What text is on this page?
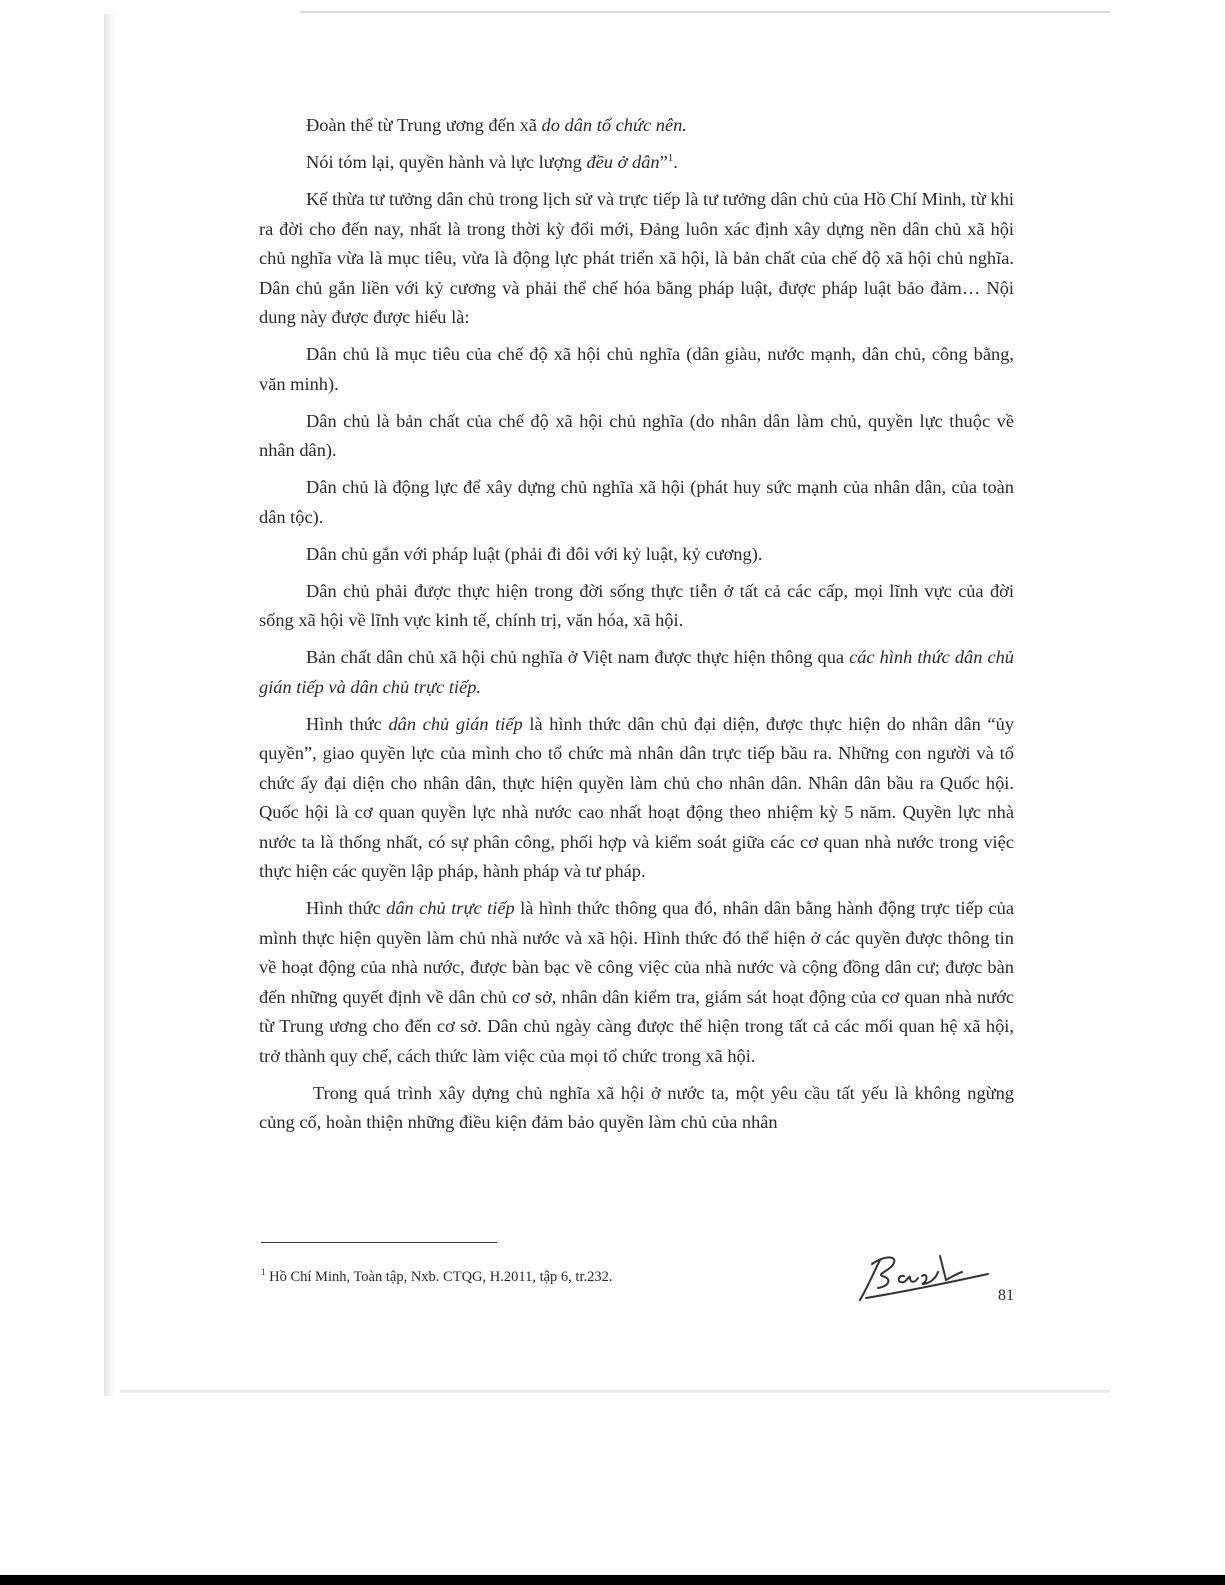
Đoàn thể từ Trung ương đến xã do dân tổ chức nên.

Nói tóm lại, quyền hành và lực lượng đều ở dân”$^1$.

Kế thừa tư tưởng dân chủ trong lịch sử và trực tiếp là tư tưởng dân chủ của Hồ Chí Minh, từ khi ra đời cho đến nay, nhất là trong thời kỳ đổi mới, Đảng luôn xác định xây dựng nền dân chủ xã hội chủ nghĩa vừa là mục tiêu, vừa là động lực phát triển xã hội, là bản chất của chế độ xã hội chủ nghĩa. Dân chủ gắn liền với kỷ cương và phải thể chế hóa bằng pháp luật, được pháp luật bảo đảm… Nội dung này được được hiểu là:

Dân chủ là mục tiêu của chế độ xã hội chủ nghĩa (dân giàu, nước mạnh, dân chủ, công bằng, văn minh).

Dân chủ là bản chất của chế độ xã hội chủ nghĩa (do nhân dân làm chủ, quyền lực thuộc về nhân dân).

Dân chủ là động lực để xây dựng chủ nghĩa xã hội (phát huy sức mạnh của nhân dân, của toàn dân tộc).

Dân chủ gắn với pháp luật (phải đi đôi với kỷ luật, kỷ cương).

Dân chủ phải được thực hiện trong đời sống thực tiễn ở tất cả các cấp, mọi lĩnh vực của đời sống xã hội về lĩnh vực kinh tế, chính trị, văn hóa, xã hội.

Bản chất dân chủ xã hội chủ nghĩa ở Việt nam được thực hiện thông qua các hình thức dân chủ gián tiếp và dân chủ trực tiếp.

Hình thức dân chủ gián tiếp là hình thức dân chủ đại diện, được thực hiện do nhân dân “ủy quyền”, giao quyền lực của mình cho tổ chức mà nhân dân trực tiếp bầu ra. Những con người và tổ chức ấy đại diện cho nhân dân, thực hiện quyền làm chủ cho nhân dân. Nhân dân bầu ra Quốc hội. Quốc hội là cơ quan quyền lực nhà nước cao nhất hoạt động theo nhiệm kỳ 5 năm. Quyền lực nhà nước ta là thống nhất, có sự phân công, phối hợp và kiểm soát giữa các cơ quan nhà nước trong việc thực hiện các quyền lập pháp, hành pháp và tư pháp.

Hình thức dân chủ trực tiếp là hình thức thông qua đó, nhân dân bằng hành động trực tiếp của mình thực hiện quyền làm chủ nhà nước và xã hội. Hình thức đó thể hiện ở các quyền được thông tin về hoạt động của nhà nước, được bàn bạc về công việc của nhà nước và cộng đồng dân cư; được bàn đến những quyết định về dân chủ cơ sở, nhân dân kiểm tra, giám sát hoạt động của cơ quan nhà nước từ Trung ương cho đến cơ sở. Dân chủ ngày càng được thể hiện trong tất cả các mối quan hệ xã hội, trở thành quy chế, cách thức làm việc của mọi tổ chức trong xã hội.

Trong quá trình xây dựng chủ nghĩa xã hội ở nước ta, một yêu cầu tất yếu là không ngừng củng cố, hoàn thiện những điều kiện đảm bảo quyền làm chủ của nhân

$^1$ Hồ Chí Minh, Toàn tập, Nxb. CTQG, H.2011, tập 6, tr.232.
81
